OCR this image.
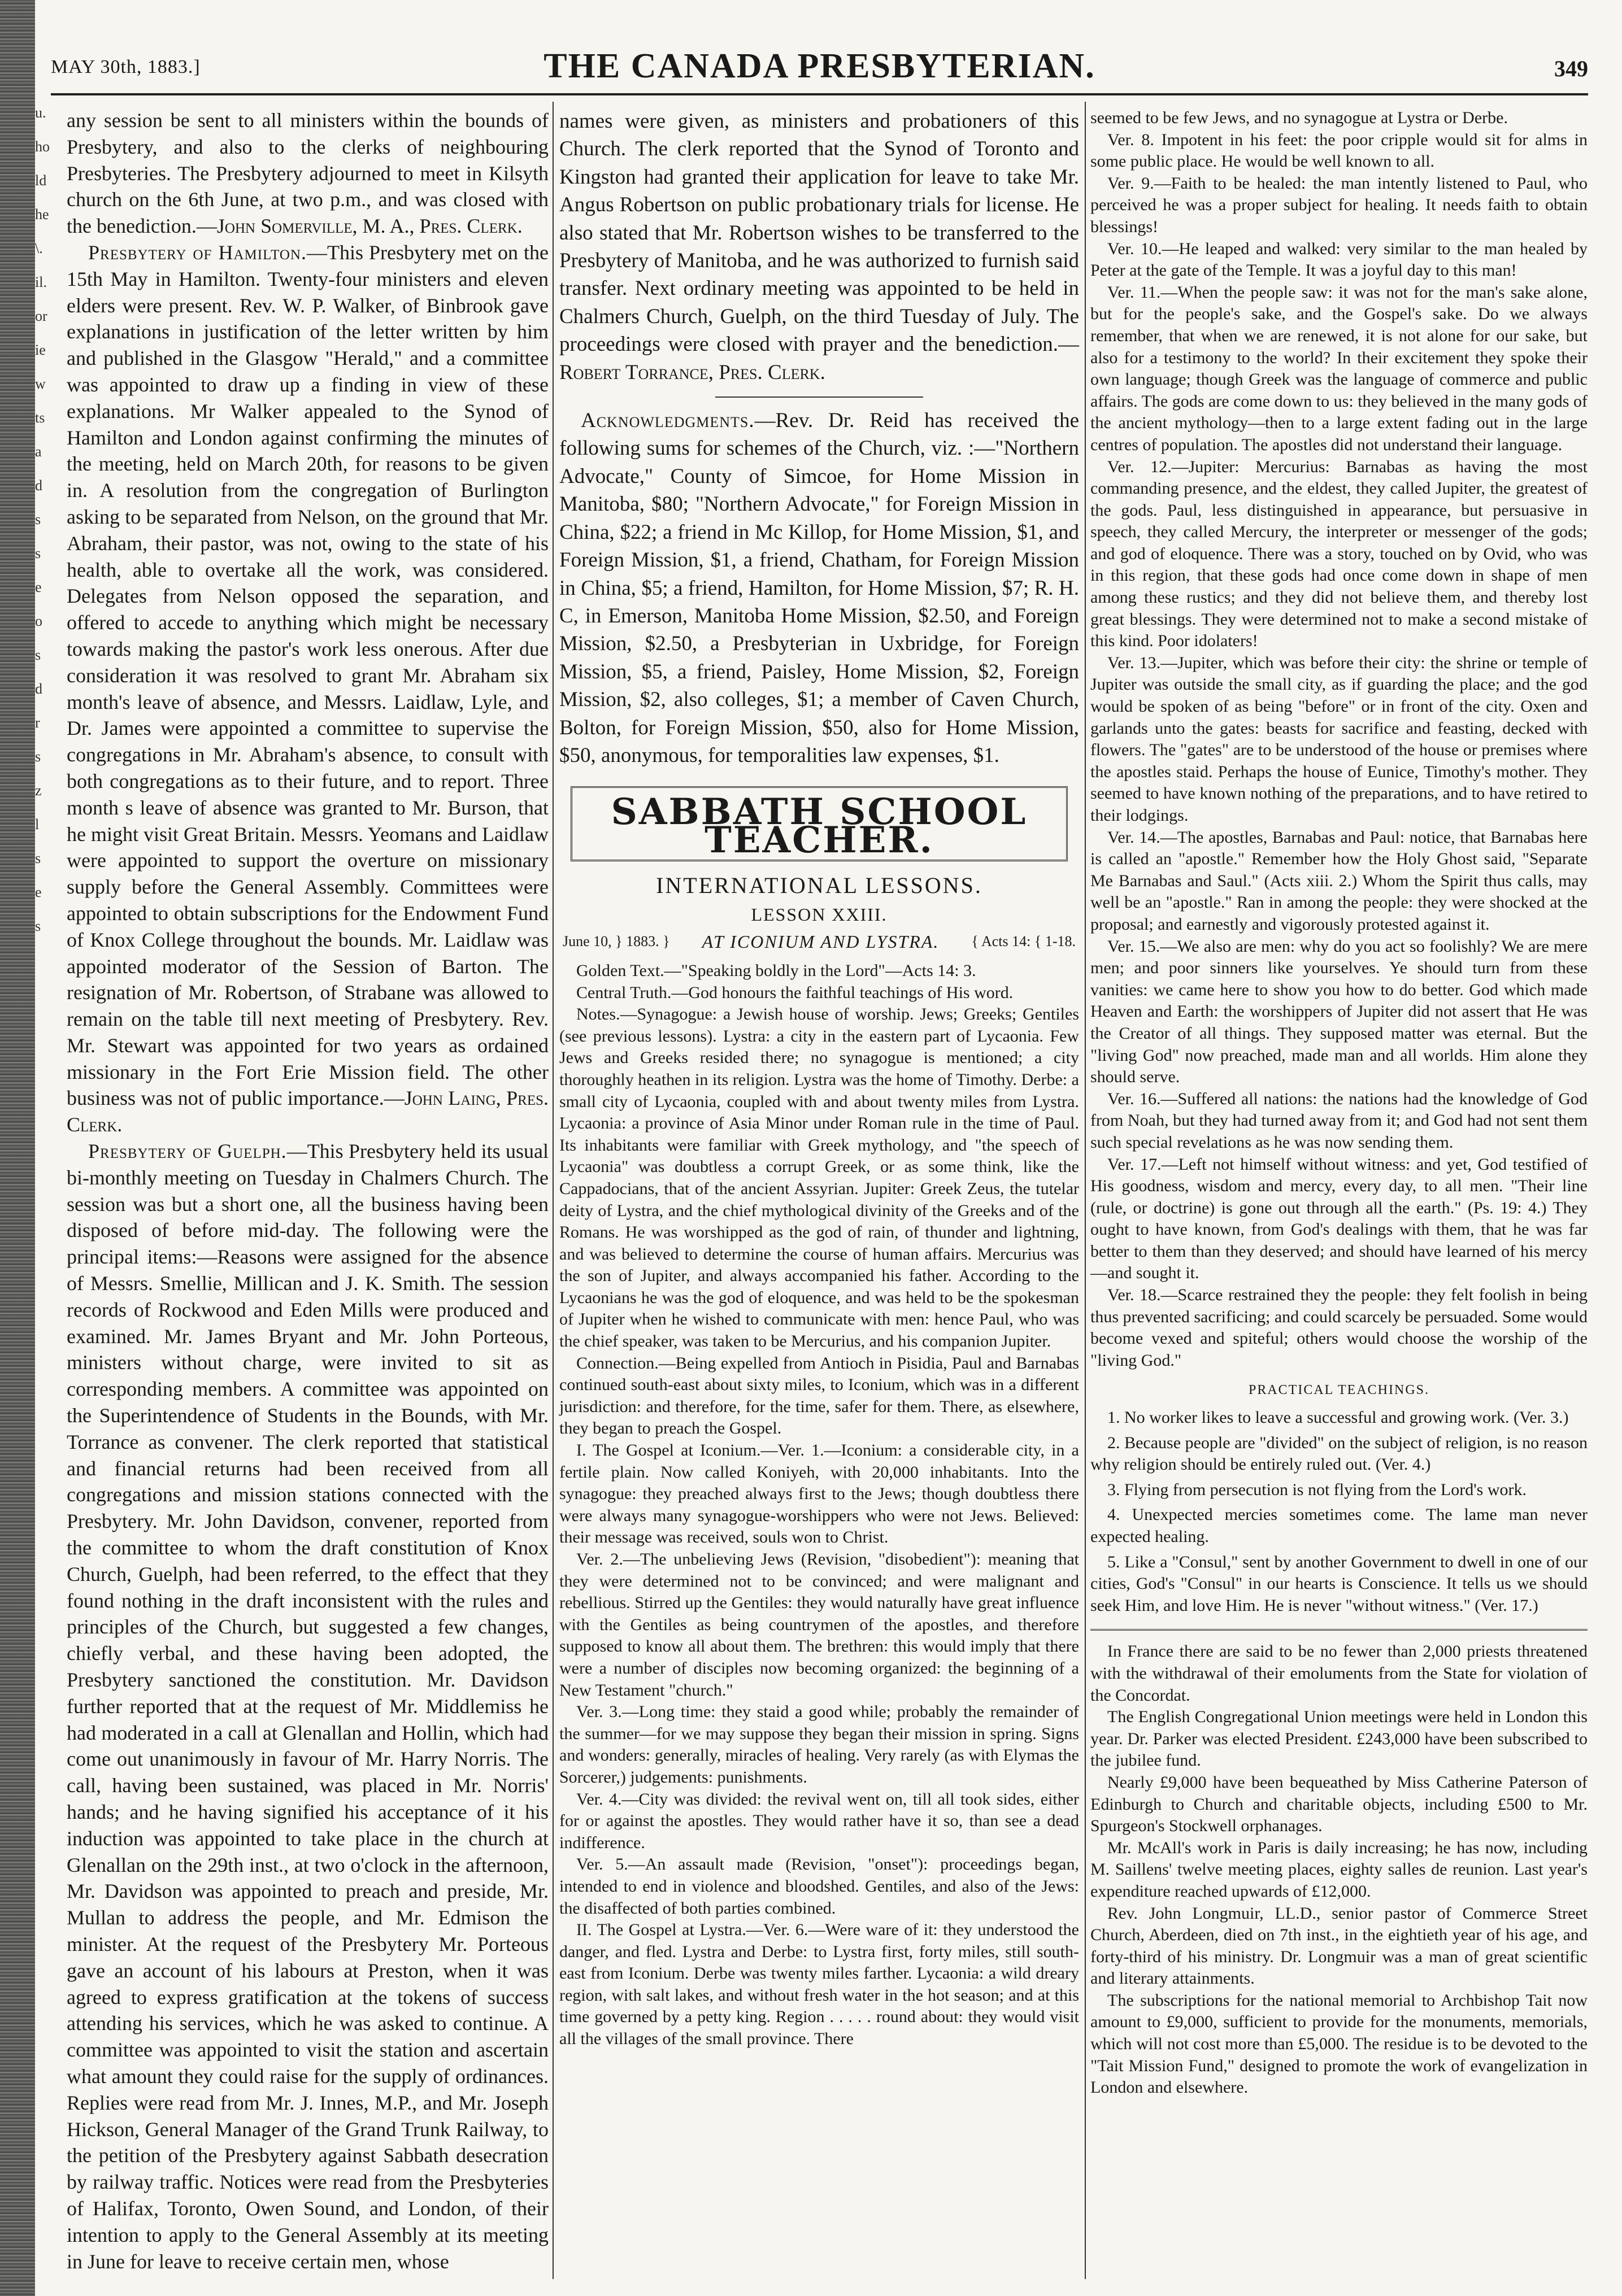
u.
ho
ld
he
\.
il.
or
ie
w
ts
a
d
s
s
e
o
s
d
r
s
z
l
s
e
s
MAY 30th, 1883.]	THE CANADA PRESBYTERIAN.	349

any session be sent to all ministers within the bounds of Presbytery, and also to the clerks of neighbouring Presbyteries. The Presbytery adjourned to meet in Kilsyth church on the 6th June, at two p.m., and was closed with the benediction.—John Somerville, M. A., Pres. Clerk.

Presbytery of Hamilton.—This Presbytery met on the 15th May in Hamilton. Twenty-four ministers and eleven elders were present. Rev. W. P. Walker, of Binbrook gave explanations in justification of the letter written by him and published in the Glasgow "Herald," and a committee was appointed to draw up a finding in view of these explanations. Mr Walker appealed to the Synod of Hamilton and London against confirming the minutes of the meeting, held on March 20th, for reasons to be given in. A resolution from the congregation of Burlington asking to be separated from Nelson, on the ground that Mr. Abraham, their pastor, was not, owing to the state of his health, able to overtake all the work, was considered. Delegates from Nelson opposed the separation, and offered to accede to anything which might be necessary towards making the pastor's work less onerous. After due consideration it was resolved to grant Mr. Abraham six month's leave of absence, and Messrs. Laidlaw, Lyle, and Dr. James were appointed a committee to supervise the congregations in Mr. Abraham's absence, to consult with both congregations as to their future, and to report. Three month s leave of absence was granted to Mr. Burson, that he might visit Great Britain. Messrs. Yeomans and Laidlaw were appointed to support the overture on missionary supply before the General Assembly. Committees were appointed to obtain subscriptions for the Endowment Fund of Knox College throughout the bounds. Mr. Laidlaw was appointed moderator of the Session of Barton. The resignation of Mr. Robertson, of Strabane was allowed to remain on the table till next meeting of Presbytery. Rev. Mr. Stewart was appointed for two years as ordained missionary in the Fort Erie Mission field. The other business was not of public importance.—John Laing, Pres. Clerk.

Presbytery of Guelph.—This Presbytery held its usual bi-monthly meeting on Tuesday in Chalmers Church. The session was but a short one, all the business having been disposed of before mid-day. The following were the principal items:—Reasons were assigned for the absence of Messrs. Smellie, Millican and J. K. Smith. The session records of Rockwood and Eden Mills were produced and examined. Mr. James Bryant and Mr. John Porteous, ministers without charge, were invited to sit as corresponding members. A committee was appointed on the Superintendence of Students in the Bounds, with Mr. Torrance as convener. The clerk reported that statistical and financial returns had been received from all congregations and mission stations connected with the Presbytery. Mr. John Davidson, convener, reported from the committee to whom the draft constitution of Knox Church, Guelph, had been referred, to the effect that they found nothing in the draft inconsistent with the rules and principles of the Church, but suggested a few changes, chiefly verbal, and these having been adopted, the Presbytery sanctioned the constitution. Mr. Davidson further reported that at the request of Mr. Middlemiss he had moderated in a call at Glenallan and Hollin, which had come out unanimously in favour of Mr. Harry Norris. The call, having been sustained, was placed in Mr. Norris' hands; and he having signified his acceptance of it his induction was appointed to take place in the church at Glenallan on the 29th inst., at two o'clock in the afternoon, Mr. Davidson was appointed to preach and preside, Mr. Mullan to address the people, and Mr. Edmison the minister. At the request of the Presbytery Mr. Porteous gave an account of his labours at Preston, when it was agreed to express gratification at the tokens of success attending his services, which he was asked to continue. A committee was appointed to visit the station and ascertain what amount they could raise for the supply of ordinances. Replies were read from Mr. J. Innes, M.P., and Mr. Joseph Hickson, General Manager of the Grand Trunk Railway, to the petition of the Presbytery against Sabbath desecration by railway traffic. Notices were read from the Presbyteries of Halifax, Toronto, Owen Sound, and London, of their intention to apply to the General Assembly at its meeting in June for leave to receive certain men, whose

names were given, as ministers and probationers of this Church. The clerk reported that the Synod of Toronto and Kingston had granted their application for leave to take Mr. Angus Robertson on public probationary trials for license. He also stated that Mr. Robertson wishes to be transferred to the Presbytery of Manitoba, and he was authorized to furnish said transfer. Next ordinary meeting was appointed to be held in Chalmers Church, Guelph, on the third Tuesday of July. The proceedings were closed with prayer and the benediction.—Robert Torrance, Pres. Clerk.

Acknowledgments.—Rev. Dr. Reid has received the following sums for schemes of the Church, viz. :—"Northern Advocate," County of Simcoe, for Home Mission in Manitoba, $80; "Northern Advocate," for Foreign Mission in China, $22; a friend in Mc Killop, for Home Mission, $1, and Foreign Mission, $1, a friend, Chatham, for Foreign Mission in China, $5; a friend, Hamilton, for Home Mission, $7; R. H. C, in Emerson, Manitoba Home Mission, $2.50, and Foreign Mission, $2.50, a Presbyterian in Uxbridge, for Foreign Mission, $5, a friend, Paisley, Home Mission, $2, Foreign Mission, $2, also colleges, $1; a member of Caven Church, Bolton, for Foreign Mission, $50, also for Home Mission, $50, anonymous, for temporalities law expenses, $1.

SABBATH SCHOOL TEACHER.
INTERNATIONAL LESSONS.
LESSON XXIII.
June 10, } 1883. } AT ICONIUM AND LYSTRA. { Acts 14: { 1-18.

Golden Text.—"Speaking boldly in the Lord"—Acts 14: 3.

Central Truth.—God honours the faithful teachings of His word.

Notes.—Synagogue: a Jewish house of worship. Jews; Greeks; Gentiles (see previous lessons). Lystra: a city in the eastern part of Lycaonia. Few Jews and Greeks resided there; no synagogue is mentioned; a city thoroughly heathen in its religion. Lystra was the home of Timothy. Derbe: a small city of Lycaonia, coupled with and about twenty miles from Lystra. Lycaonia: a province of Asia Minor under Roman rule in the time of Paul. Its inhabitants were familiar with Greek mythology, and "the speech of Lycaonia" was doubtless a corrupt Greek, or as some think, like the Cappadocians, that of the ancient Assyrian. Jupiter: Greek Zeus, the tutelar deity of Lystra, and the chief mythological divinity of the Greeks and of the Romans. He was worshipped as the god of rain, of thunder and lightning, and was believed to determine the course of human affairs. Mercurius was the son of Jupiter, and always accompanied his father. According to the Lycaonians he was the god of eloquence, and was held to be the spokesman of Jupiter when he wished to communicate with men: hence Paul, who was the chief speaker, was taken to be Mercurius, and his companion Jupiter.

Connection.—Being expelled from Antioch in Pisidia, Paul and Barnabas continued south-east about sixty miles, to Iconium, which was in a different jurisdiction: and therefore, for the time, safer for them. There, as elsewhere, they began to preach the Gospel.

I. The Gospel at Iconium.—Ver. 1.—Iconium: a considerable city, in a fertile plain. Now called Koniyeh, with 20,000 inhabitants. Into the synagogue: they preached always first to the Jews; though doubtless there were always many synagogue-worshippers who were not Jews. Believed: their message was received, souls won to Christ.

Ver. 2.—The unbelieving Jews (Revision, "disobedient"): meaning that they were determined not to be convinced; and were malignant and rebellious. Stirred up the Gentiles: they would naturally have great influence with the Gentiles as being countrymen of the apostles, and therefore supposed to know all about them. The brethren: this would imply that there were a number of disciples now becoming organized: the beginning of a New Testament "church."

Ver. 3.—Long time: they staid a good while; probably the remainder of the summer—for we may suppose they began their mission in spring. Signs and wonders: generally, miracles of healing. Very rarely (as with Elymas the Sorcerer,) judgements: punishments.

Ver. 4.—City was divided: the revival went on, till all took sides, either for or against the apostles. They would rather have it so, than see a dead indifference.

Ver. 5.—An assault made (Revision, "onset"): proceedings began, intended to end in violence and bloodshed. Gentiles, and also of the Jews: the disaffected of both parties combined.

II. The Gospel at Lystra.—Ver. 6.—Were ware of it: they understood the danger, and fled. Lystra and Derbe: to Lystra first, forty miles, still south-east from Iconium. Derbe was twenty miles farther. Lycaonia: a wild dreary region, with salt lakes, and without fresh water in the hot season; and at this time governed by a petty king. Region . . . . . round about: they would visit all the villages of the small province. There

seemed to be few Jews, and no synagogue at Lystra or Derbe.

Ver. 8. Impotent in his feet: the poor cripple would sit for alms in some public place. He would be well known to all.

Ver. 9.—Faith to be healed: the man intently listened to Paul, who perceived he was a proper subject for healing. It needs faith to obtain blessings!

Ver. 10.—He leaped and walked: very similar to the man healed by Peter at the gate of the Temple. It was a joyful day to this man!

Ver. 11.—When the people saw: it was not for the man's sake alone, but for the people's sake, and the Gospel's sake. Do we always remember, that when we are renewed, it is not alone for our sake, but also for a testimony to the world? In their excitement they spoke their own language; though Greek was the language of commerce and public affairs. The gods are come down to us: they believed in the many gods of the ancient mythology—then to a large extent fading out in the large centres of population. The apostles did not understand their language.

Ver. 12.—Jupiter: Mercurius: Barnabas as having the most commanding presence, and the eldest, they called Jupiter, the greatest of the gods. Paul, less distinguished in appearance, but persuasive in speech, they called Mercury, the interpreter or messenger of the gods; and god of eloquence. There was a story, touched on by Ovid, who was in this region, that these gods had once come down in shape of men among these rustics; and they did not believe them, and thereby lost great blessings. They were determined not to make a second mistake of this kind. Poor idolaters!

Ver. 13.—Jupiter, which was before their city: the shrine or temple of Jupiter was outside the small city, as if guarding the place; and the god would be spoken of as being "before" or in front of the city. Oxen and garlands unto the gates: beasts for sacrifice and feasting, decked with flowers. The "gates" are to be understood of the house or premises where the apostles staid. Perhaps the house of Eunice, Timothy's mother. They seemed to have known nothing of the preparations, and to have retired to their lodgings.

Ver. 14.—The apostles, Barnabas and Paul: notice, that Barnabas here is called an "apostle." Remember how the Holy Ghost said, "Separate Me Barnabas and Saul." (Acts xiii. 2.) Whom the Spirit thus calls, may well be an "apostle." Ran in among the people: they were shocked at the proposal; and earnestly and vigorously protested against it.

Ver. 15.—We also are men: why do you act so foolishly? We are mere men; and poor sinners like yourselves. Ye should turn from these vanities: we came here to show you how to do better. God which made Heaven and Earth: the worshippers of Jupiter did not assert that He was the Creator of all things. They supposed matter was eternal. But the "living God" now preached, made man and all worlds. Him alone they should serve.

Ver. 16.—Suffered all nations: the nations had the knowledge of God from Noah, but they had turned away from it; and God had not sent them such special revelations as he was now sending them.

Ver. 17.—Left not himself without witness: and yet, God testified of His goodness, wisdom and mercy, every day, to all men. "Their line (rule, or doctrine) is gone out through all the earth." (Ps. 19: 4.) They ought to have known, from God's dealings with them, that he was far better to them than they deserved; and should have learned of his mercy—and sought it.

Ver. 18.—Scarce restrained they the people: they felt foolish in being thus prevented sacrificing; and could scarcely be persuaded. Some would become vexed and spiteful; others would choose the worship of the "living God."

PRACTICAL TEACHINGS.

1. No worker likes to leave a successful and growing work. (Ver. 3.)

2. Because people are "divided" on the subject of religion, is no reason why religion should be entirely ruled out. (Ver. 4.)

3. Flying from persecution is not flying from the Lord's work.

4. Unexpected mercies sometimes come. The lame man never expected healing.

5. Like a "Consul," sent by another Government to dwell in one of our cities, God's "Consul" in our hearts is Conscience. It tells us we should seek Him, and love Him. He is never "without witness." (Ver. 17.)

In France there are said to be no fewer than 2,000 priests threatened with the withdrawal of their emoluments from the State for violation of the Concordat.

The English Congregational Union meetings were held in London this year. Dr. Parker was elected President. £243,000 have been subscribed to the jubilee fund.

Nearly £9,000 have been bequeathed by Miss Catherine Paterson of Edinburgh to Church and charitable objects, including £500 to Mr. Spurgeon's Stockwell orphanages.

Mr. McAll's work in Paris is daily increasing; he has now, including M. Saillens' twelve meeting places, eighty salles de reunion. Last year's expenditure reached upwards of £12,000.

Rev. John Longmuir, LL.D., senior pastor of Commerce Street Church, Aberdeen, died on 7th inst., in the eightieth year of his age, and forty-third of his ministry. Dr. Longmuir was a man of great scientific and literary attainments.

The subscriptions for the national memorial to Archbishop Tait now amount to £9,000, sufficient to provide for the monuments, memorials, which will not cost more than £5,000. The residue is to be devoted to the "Tait Mission Fund," designed to promote the work of evangelization in London and elsewhere.
